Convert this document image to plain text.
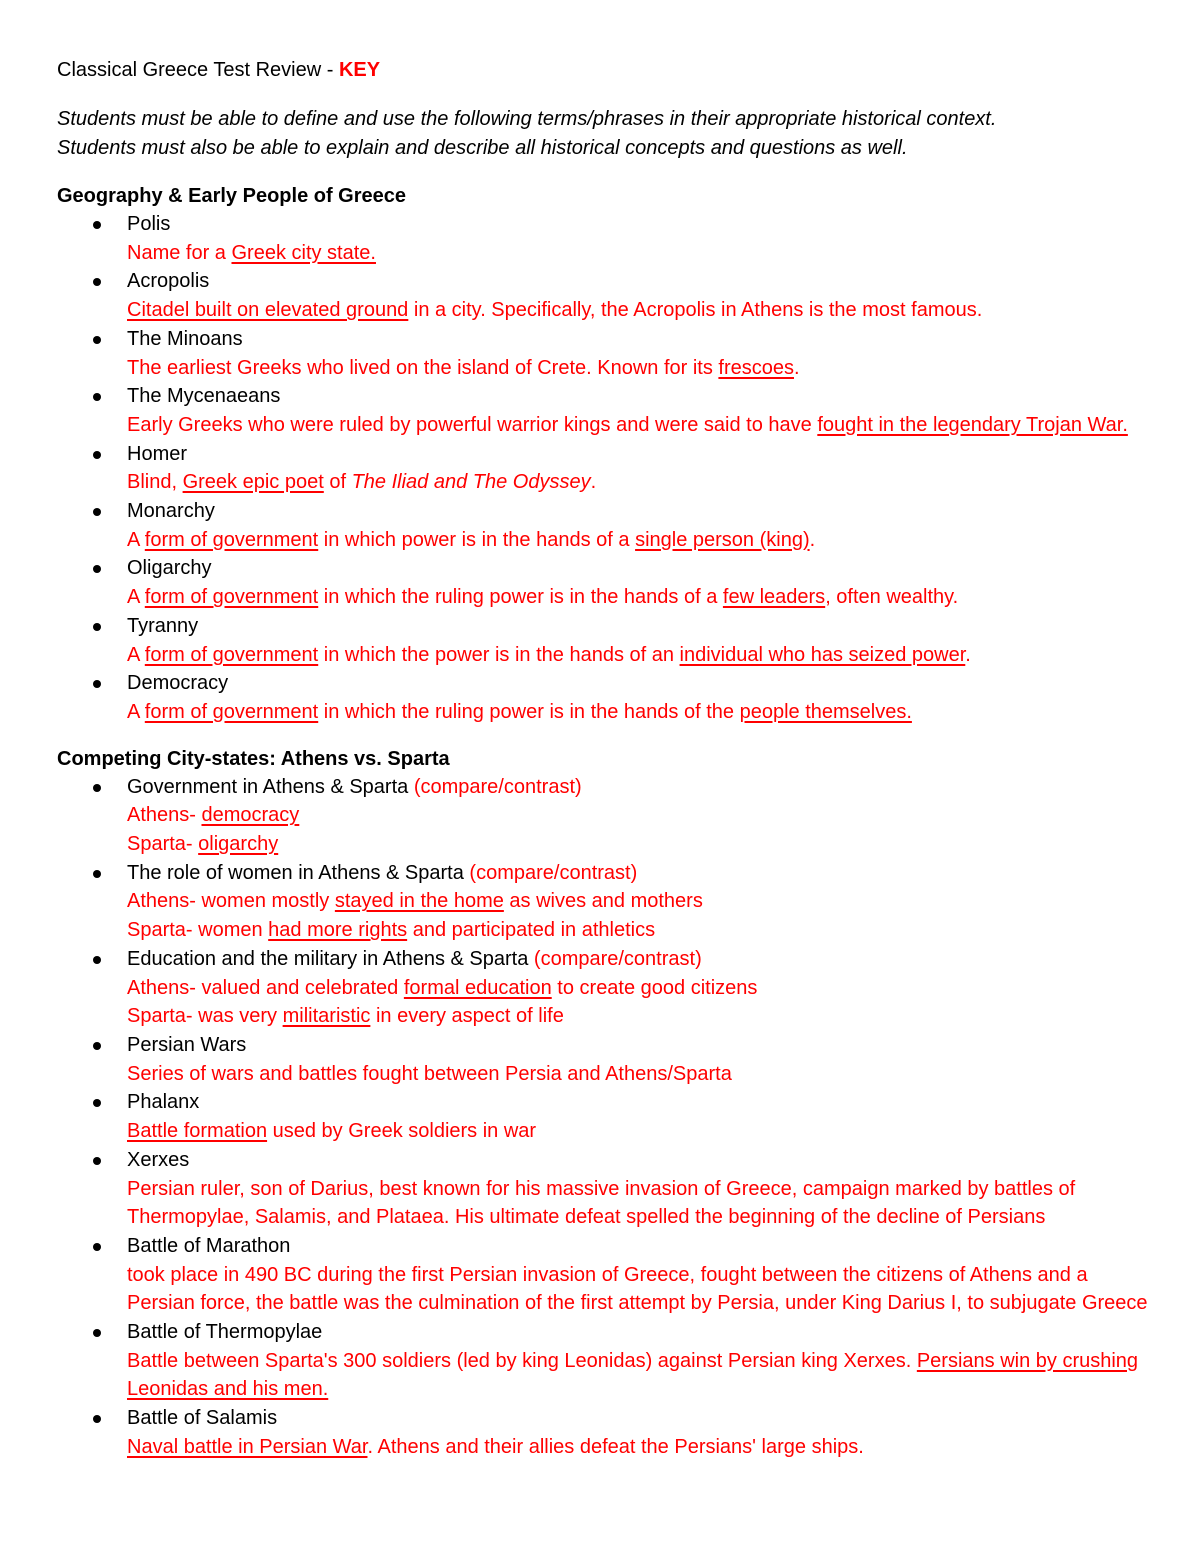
Classical Greece Test Review - KEY

Students must be able to define and use the following terms/phrases in their appropriate historical context.

Students must also be able to explain and describe all historical concepts and questions as well.

Geography & Early People of Greece
Polis
Name for a Greek city state.
Acropolis
Citadel built on elevated ground in a city. Specifically, the Acropolis in Athens is the most famous.
The Minoans
The earliest Greeks who lived on the island of Crete. Known for its frescoes.
The Mycenaeans
Early Greeks who were ruled by powerful warrior kings and were said to have fought in the legendary Trojan War.
Homer
Blind, Greek epic poet of The Iliad and The Odyssey.
Monarchy
A form of government in which power is in the hands of a single person (king).
Oligarchy
A form of government in which the ruling power is in the hands of a few leaders, often wealthy.
Tyranny
A form of government in which the power is in the hands of an individual who has seized power.
Democracy
A form of government in which the ruling power is in the hands of the people themselves.
Competing City-states: Athens vs. Sparta
Government in Athens & Sparta (compare/contrast)
Athens- democracy
Sparta- oligarchy
The role of women in Athens & Sparta (compare/contrast)
Athens- women mostly stayed in the home as wives and mothers
Sparta- women had more rights and participated in athletics
Education and the military in Athens & Sparta (compare/contrast)
Athens- valued and celebrated formal education to create good citizens
Sparta- was very militaristic in every aspect of life
Persian Wars
Series of wars and battles fought between Persia and Athens/Sparta
Phalanx
Battle formation used by Greek soldiers in war
Xerxes
Persian ruler, son of Darius, best known for his massive invasion of Greece, campaign marked by battles of Thermopylae, Salamis, and Plataea. His ultimate defeat spelled the beginning of the decline of Persians
Battle of Marathon
took place in 490 BC during the first Persian invasion of Greece, fought between the citizens of Athens and a Persian force, the battle was the culmination of the first attempt by Persia, under King Darius I, to subjugate Greece
Battle of Thermopylae
Battle between Sparta's 300 soldiers (led by king Leonidas) against Persian king Xerxes. Persians win by crushing Leonidas and his men.
Battle of Salamis
Naval battle in Persian War. Athens and their allies defeat the Persians' large ships.
